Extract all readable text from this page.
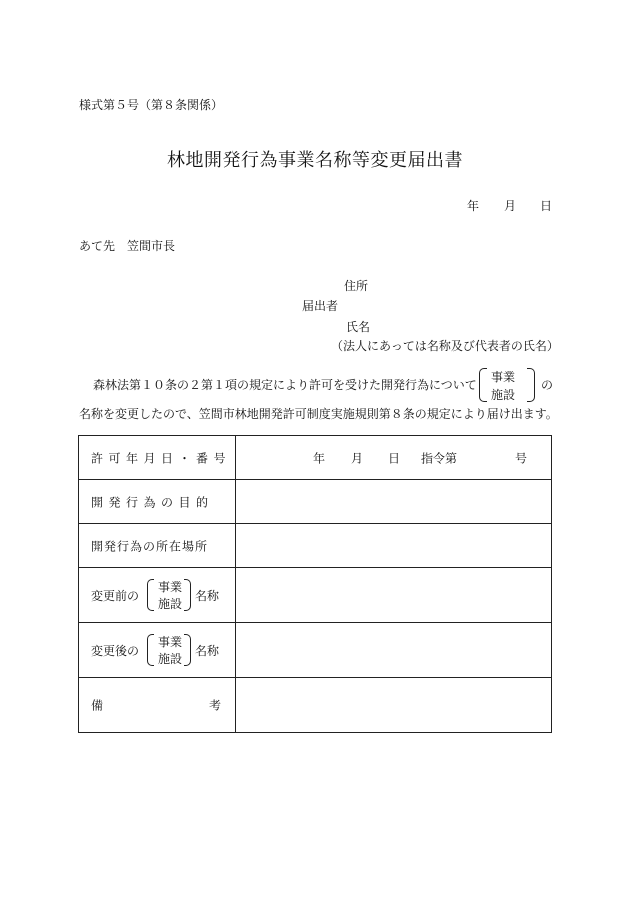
様式第５号（第８条関係）
林地開発行為事業名称等変更届出書
年 月 日
あて先　笠間市長
住所
届出者
氏名
（法人にあっては名称及び代表者の氏名）
森林法第１０条の２第１項の規定により許可を受けた開発行為について
事業
施設
の
名称を変更したので、笠間市林地開発許可制度実施規則第８条の規定により届け出ます。
許可年月日・番号	年 月 日 指令第	号
開発行為の目的
開発行為の所在場所
変更前の
事業
施設
名称
変更後の
事業
施設
名称
備	考
